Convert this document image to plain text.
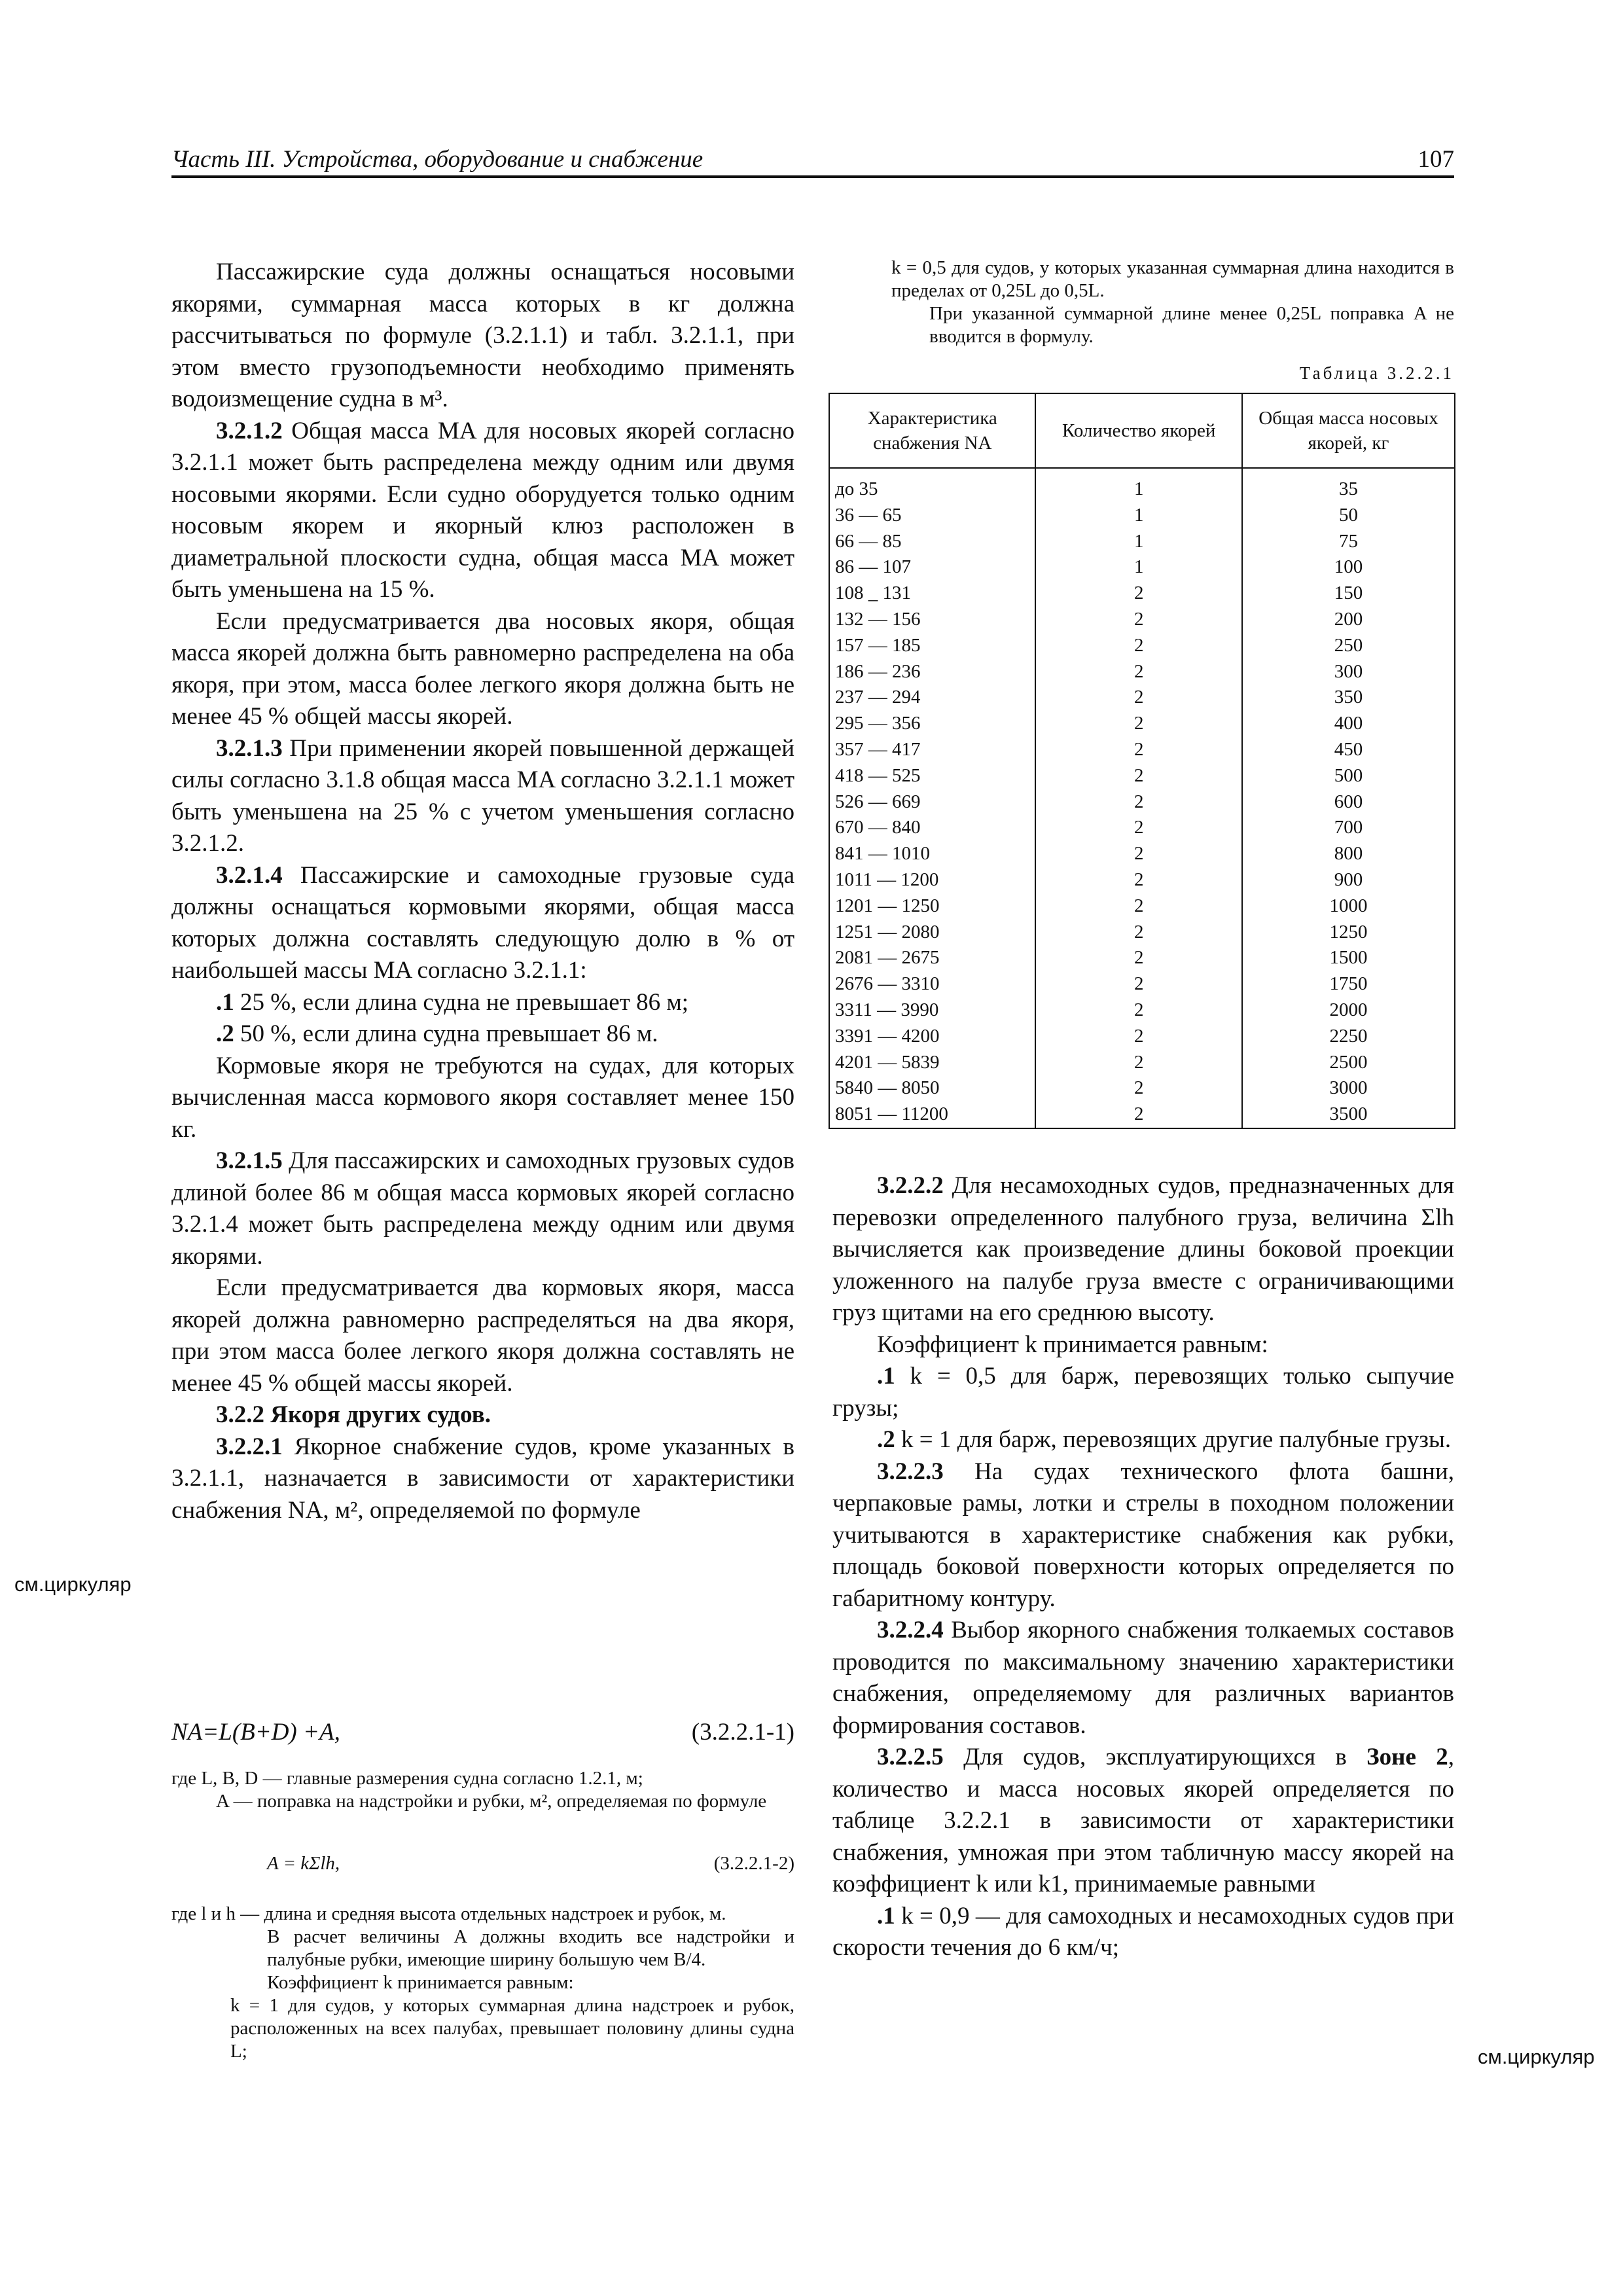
Часть III. Устройства, оборудование и снабжение	107

Пассажирские суда должны оснащаться носовыми якорями, суммарная масса которых в кг должна рассчитываться по формуле (3.2.1.1) и табл. 3.2.1.1, при этом вместо грузоподъемности необходимо применять водоизмещение судна в м³.

3.2.1.2 Общая масса MA для носовых якорей согласно 3.2.1.1 может быть распределена между одним или двумя носовыми якорями. Если судно оборудуется только одним носовым якорем и якорный клюз расположен в диаметральной плоскости судна, общая масса MA может быть уменьшена на 15 %.

Если предусматривается два носовых якоря, общая масса якорей должна быть равномерно распределена на оба якоря, при этом, масса более легкого якоря должна быть не менее 45 % общей массы якорей.

3.2.1.3 При применении якорей повышенной держащей силы согласно 3.1.8 общая масса MA согласно 3.2.1.1 может быть уменьшена на 25 % с учетом уменьшения согласно 3.2.1.2.

3.2.1.4 Пассажирские и самоходные грузовые суда должны оснащаться кормовыми якорями, общая масса которых должна составлять следующую долю в % от наибольшей массы MA согласно 3.2.1.1:

.1 25 %, если длина судна не превышает 86 м;

.2 50 %, если длина судна превышает 86 м.

Кормовые якоря не требуются на судах, для которых вычисленная масса кормового якоря составляет менее 150 кг.

3.2.1.5 Для пассажирских и самоходных грузовых судов длиной более 86 м общая масса кормовых якорей согласно 3.2.1.4 может быть распределена между одним или двумя якорями.

Если предусматривается два кормовых якоря, масса якорей должна равномерно распределяться на два якоря, при этом масса более легкого якоря должна составлять не менее 45 % общей массы якорей.

3.2.2 Якоря других судов.

3.2.2.1 Якорное снабжение судов, кроме указанных в 3.2.1.1, назначается в зависимости от характеристики снабжения NA, м², определяемой по формуле

NA=L(B+D) +A,	(3.2.2.1-1)

где L, B, D — главные размерения судна согласно 1.2.1, м;

A — поправка на надстройки и рубки, м², определяемая по формуле

A = kΣlh,	(3.2.2.1-2)

где l и h — длина и средняя высота отдельных надстроек и рубок, м.

В расчет величины A должны входить все надстройки и палубные рубки, имеющие ширину большую чем B/4.

Коэффициент k принимается равным:

k = 1 для судов, у которых суммарная длина надстроек и рубок, расположенных на всех палубах, превышает половину длины судна L;

k = 0,5 для судов, у которых указанная суммарная длина находится в пределах от 0,25L до 0,5L.

При указанной суммарной длине менее 0,25L поправка A не вводится в формулу.

Таблица 3.2.2.1
Характеристика снабжения NA	Количество якорей	Общая масса носовых якорей, кг
до 35	1	35
36 — 65	1	50
66 — 85	1	75
86 — 107	1	100
108 _ 131	2	150
132 — 156	2	200
157 — 185	2	250
186 — 236	2	300
237 — 294	2	350
295 — 356	2	400
357 — 417	2	450
418 — 525	2	500
526 — 669	2	600
670 — 840	2	700
841 — 1010	2	800
1011 — 1200	2	900
1201 — 1250	2	1000
1251 — 2080	2	1250
2081 — 2675	2	1500
2676 — 3310	2	1750
3311 — 3990	2	2000
3391 — 4200	2	2250
4201 — 5839	2	2500
5840 — 8050	2	3000
8051 — 11200	2	3500

3.2.2.2 Для несамоходных судов, предназначенных для перевозки определенного палубного груза, величина Σlh вычисляется как произведение длины боковой проекции уложенного на палубе груза вместе с ограничивающими груз щитами на его среднюю высоту.

Коэффициент k принимается равным:

.1 k = 0,5 для барж, перевозящих только сыпучие грузы;

.2 k = 1 для барж, перевозящих другие палубные грузы.

3.2.2.3 На судах технического флота башни, черпаковые рамы, лотки и стрелы в походном положении учитываются в характеристике снабжения как рубки, площадь боковой поверхности которых определяется по габаритному контуру.

3.2.2.4 Выбор якорного снабжения толкаемых составов проводится по максимальному значению характеристики снабжения, определяемому для различных вариантов формирования составов.

3.2.2.5 Для судов, эксплуатирующихся в Зоне 2, количество и масса носовых якорей определяется по таблице 3.2.2.1 в зависимости от характеристики снабжения, умножая при этом табличную массу якорей на коэффициент k или k1, принимаемые равными

.1 k = 0,9 — для самоходных и несамоходных судов при скорости течения до 6 км/ч;

см.циркуляр
см.циркуляр
